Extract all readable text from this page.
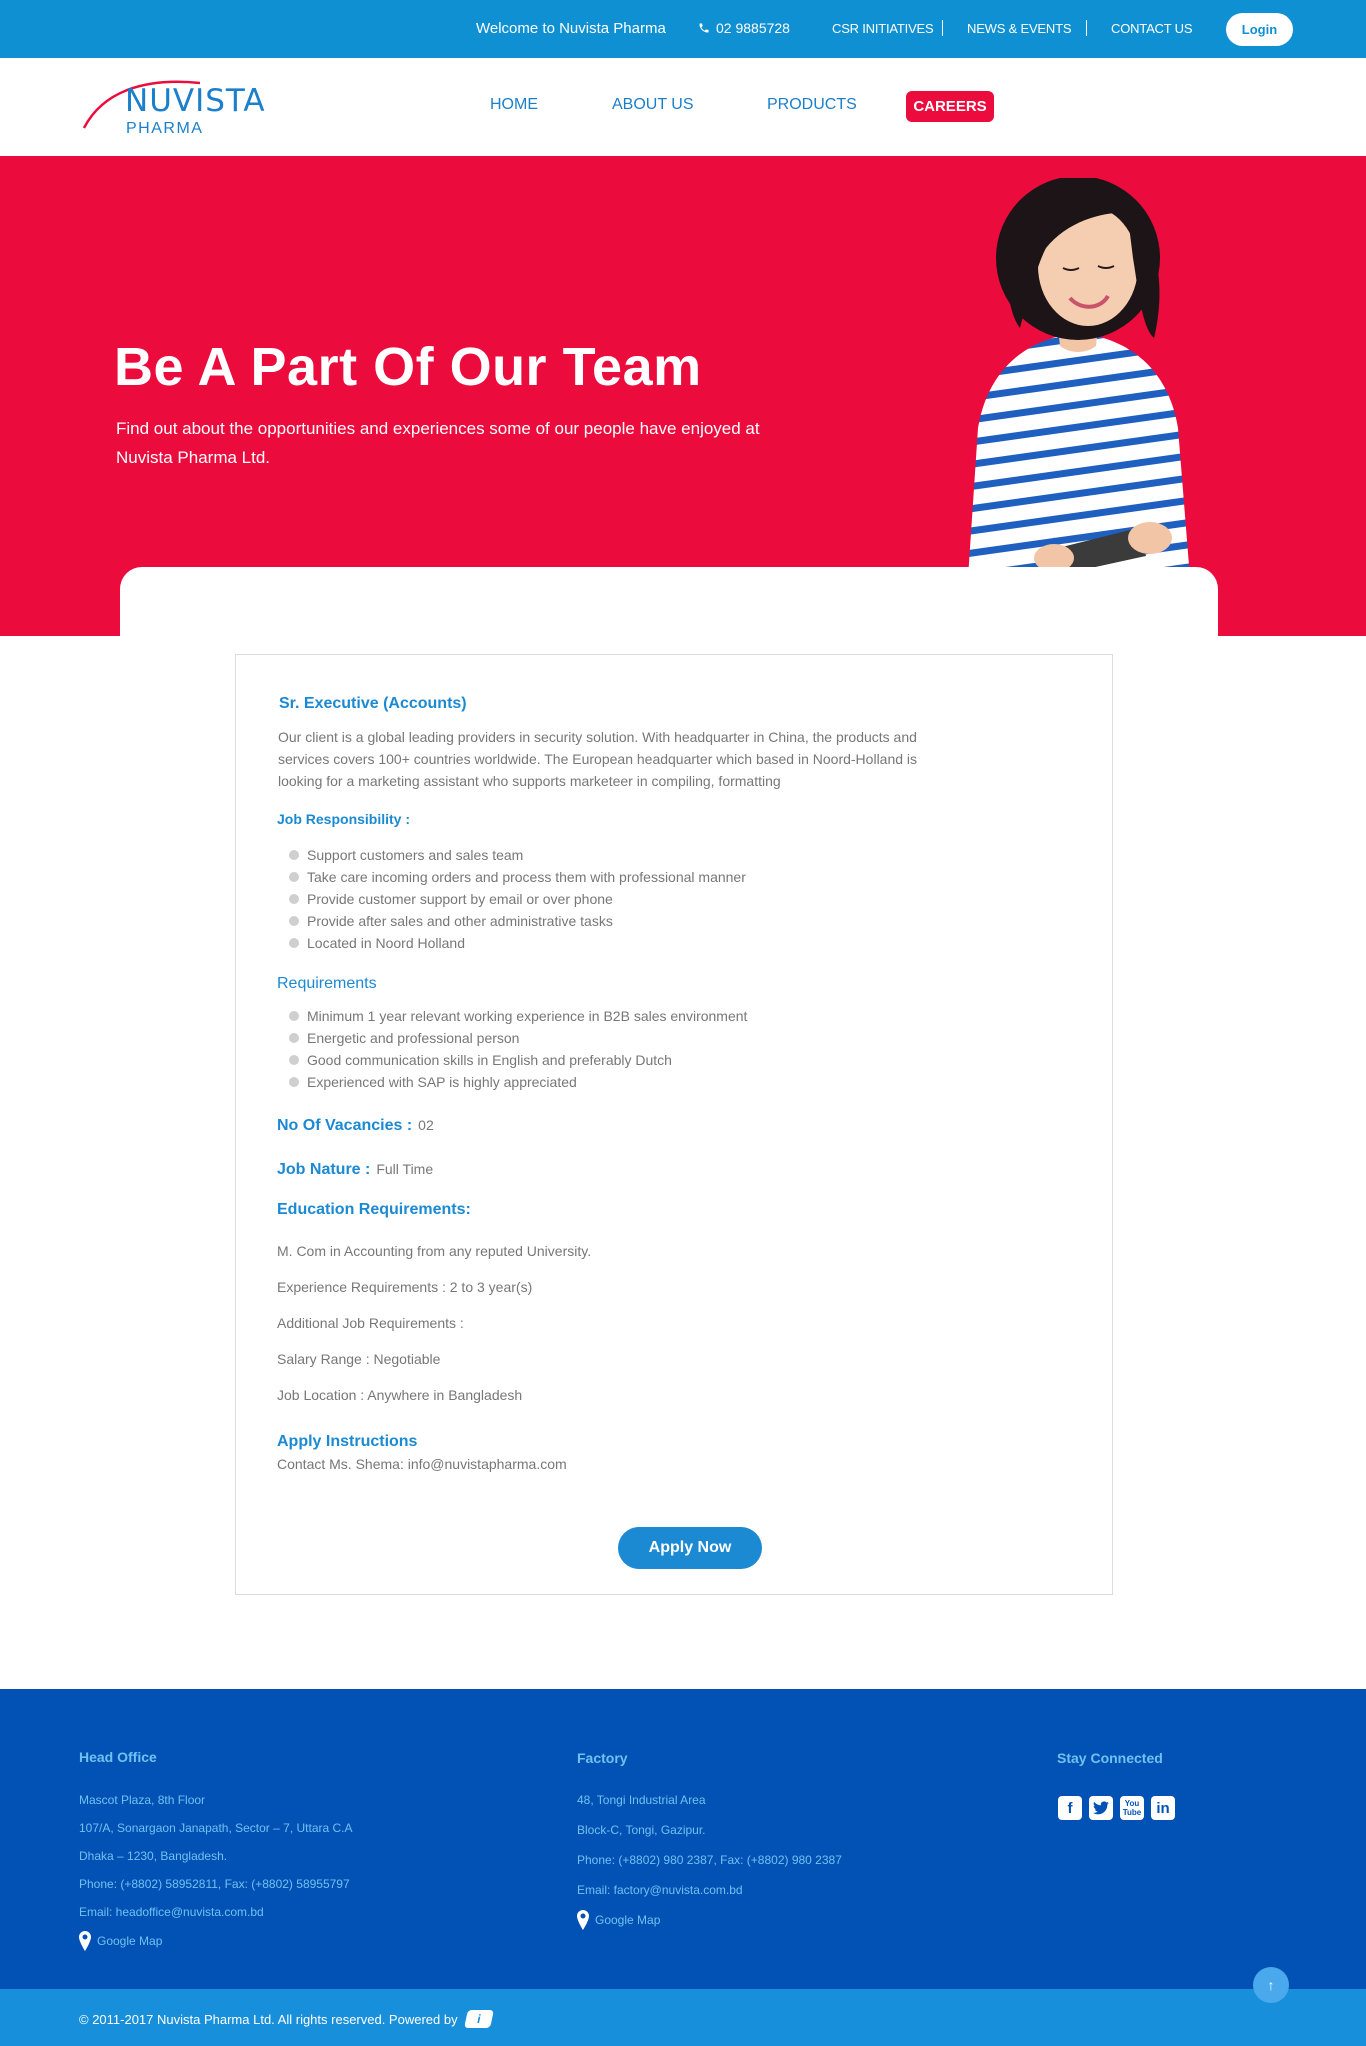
Welcome to Nuvista Pharma	02 9885728	CSR INITIATIVES	NEWS & EVENTS	CONTACT US	Login
NUVISTA
PHARMA
HOME	ABOUT US	PRODUCTS	CAREERS
Be A Part Of Our Team

Find out about the opportunities and experiences some of our people have enjoyed at Nuvista Pharma Ltd.

Sr. Executive (Accounts)

Our client is a global leading providers in security solution. With headquarter in China, the products and services covers 100+ countries worldwide. The European headquarter which based in Noord-Holland is looking for a marketing assistant who supports marketeer in compiling, formatting

Job Responsibility :
Support customers and sales team
Take care incoming orders and process them with professional manner
Provide customer support by email or over phone
Provide after sales and other administrative tasks
Located in Noord Holland
Requirements
Minimum 1 year relevant working experience in B2B sales environment
Energetic and professional person
Good communication skills in English and preferably Dutch
Experienced with SAP is highly appreciated
No Of Vacancies : 02
Job Nature : Full Time
Education Requirements:

M. Com in Accounting from any reputed University.

Experience Requirements : 2 to 3 year(s)

Additional Job Requirements :

Salary Range : Negotiable

Job Location : Anywhere in Bangladesh

Apply Instructions

Contact Ms. Shema: info@nuvistapharma.com

Apply Now
Head Office

Mascot Plaza, 8th Floor

107/A, Sonargaon Janapath, Sector – 7, Uttara C.A

Dhaka – 1230, Bangladesh.

Phone: (+8802) 58952811, Fax: (+8802) 58955797

Email: headoffice@nuvista.com.bd

Google Map
Factory

48, Tongi Industrial Area

Block-C, Tongi, Gazipur.

Phone: (+8802) 980 2387, Fax: (+8802) 980 2387

Email: factory@nuvista.com.bd

Google Map
Stay Connected
f	You
Tube	in
© 2011-2017 Nuvista Pharma Ltd. All rights reserved. Powered by	i
↑
